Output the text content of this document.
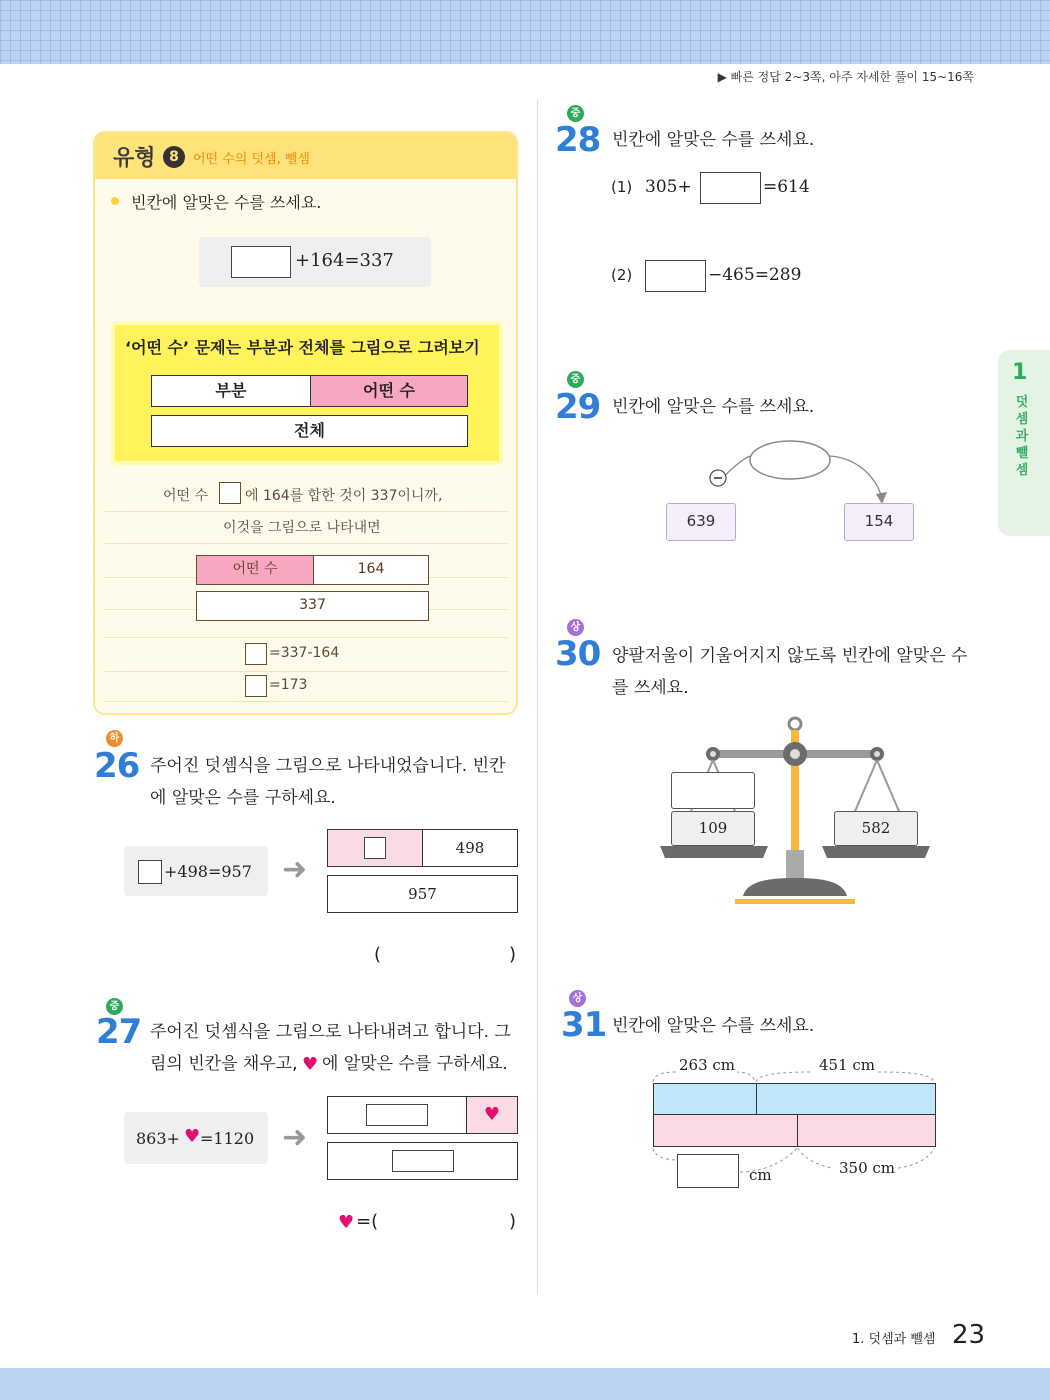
▶ 빠른 정답 2~3쪽, 아주 자세한 풀이 15~16쪽
유형 8	어떤 수의 덧셈, 뺄셈
빈칸에 알맞은 수를 쓰세요.
+164=337
‘어떤 수’ 문제는 부분과 전체를 그림으로 그려보기
부분	어떤 수
전체
어떤 수	에 164를 합한 것이 337이니까,
이것을 그림으로 나타내면
어떤 수	164
337
=337-164
=173
하
26 주어진 덧셈식을 그림으로 나타내었습니다. 빈칸
에 알맞은 수를 구하세요.
+498=957 ➜
498
957
(	)
중
27 주어진 덧셈식을 그림으로 나타내려고 합니다. 그
림의 빈칸을 채우고, ♥ 에 알맞은 수를 구하세요.
863+ ♥ =1120 ➜
♥
♥ =(	)
중
28 빈칸에 알맞은 수를 쓰세요.
(1) 305+	=614
(2)	−465=289
중
29 빈칸에 알맞은 수를 쓰세요.
639	154
상
30 양팔저울이 기울어지지 않도록 빈칸에 알맞은 수
를 쓰세요.
109	582
상
31 빈칸에 알맞은 수를 쓰세요.
263 cm	451 cm
cm	350 cm
1
덧셈과 뺄셈
1. 덧셈과 뺄셈 23
